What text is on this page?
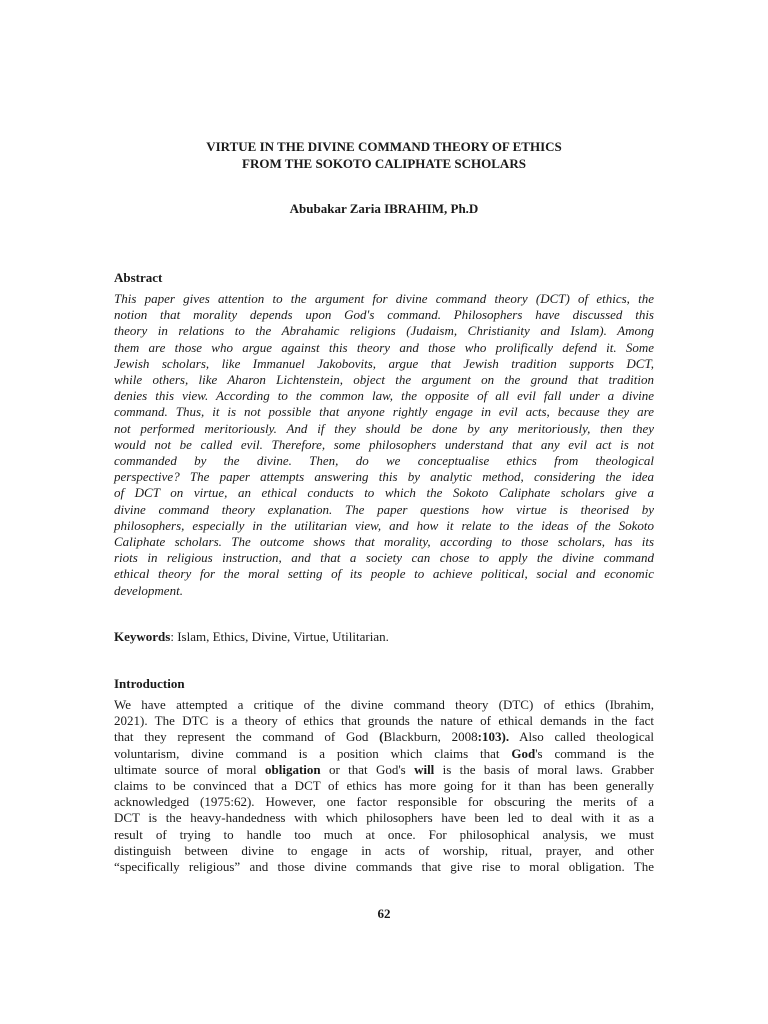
VIRTUE IN THE DIVINE COMMAND THEORY OF ETHICS
FROM THE SOKOTO CALIPHATE SCHOLARS
Abubakar Zaria IBRAHIM, Ph.D
Abstract
This paper gives attention to the argument for divine command theory (DCT) of ethics, the
notion that morality depends upon God's command. Philosophers have discussed this
theory in relations to the Abrahamic religions (Judaism, Christianity and Islam). Among
them are those who argue against this theory and those who prolifically defend it. Some
Jewish scholars, like Immanuel Jakobovits, argue that Jewish tradition supports DCT,
while others, like Aharon Lichtenstein, object the argument on the ground that tradition
denies this view. According to the common law, the opposite of all evil fall under a divine
command. Thus, it is not possible that anyone rightly engage in evil acts, because they are
not performed meritoriously. And if they should be done by any meritoriously, then they
would not be called evil. Therefore, some philosophers understand that any evil act is not
commanded by the divine. Then, do we conceptualise ethics from theological
perspective? The paper attempts answering this by analytic method, considering the idea
of DCT on virtue, an ethical conducts to which the Sokoto Caliphate scholars give a
divine command theory explanation. The paper questions how virtue is theorised by
philosophers, especially in the utilitarian view, and how it relate to the ideas of the Sokoto
Caliphate scholars. The outcome shows that morality, according to those scholars, has its
riots in religious instruction, and that a society can chose to apply the divine command
ethical theory for the moral setting of its people to achieve political, social and economic
development.
Keywords: Islam, Ethics, Divine, Virtue, Utilitarian.
Introduction
We have attempted a critique of the divine command theory (DTC) of ethics (Ibrahim,
2021). The DTC is a theory of ethics that grounds the nature of ethical demands in the fact
that they represent the command of God (Blackburn, 2008:103). Also called theological
voluntarism, divine command is a position which claims that God's command is the
ultimate source of moral obligation or that God's will is the basis of moral laws. Grabber
claims to be convinced that a DCT of ethics has more going for it than has been generally
acknowledged (1975:62). However, one factor responsible for obscuring the merits of a
DCT is the heavy-handedness with which philosophers have been led to deal with it as a
result of trying to handle too much at once. For philosophical analysis, we must
distinguish between divine to engage in acts of worship, ritual, prayer, and other
“specifically religious” and those divine commands that give rise to moral obligation. The
62
